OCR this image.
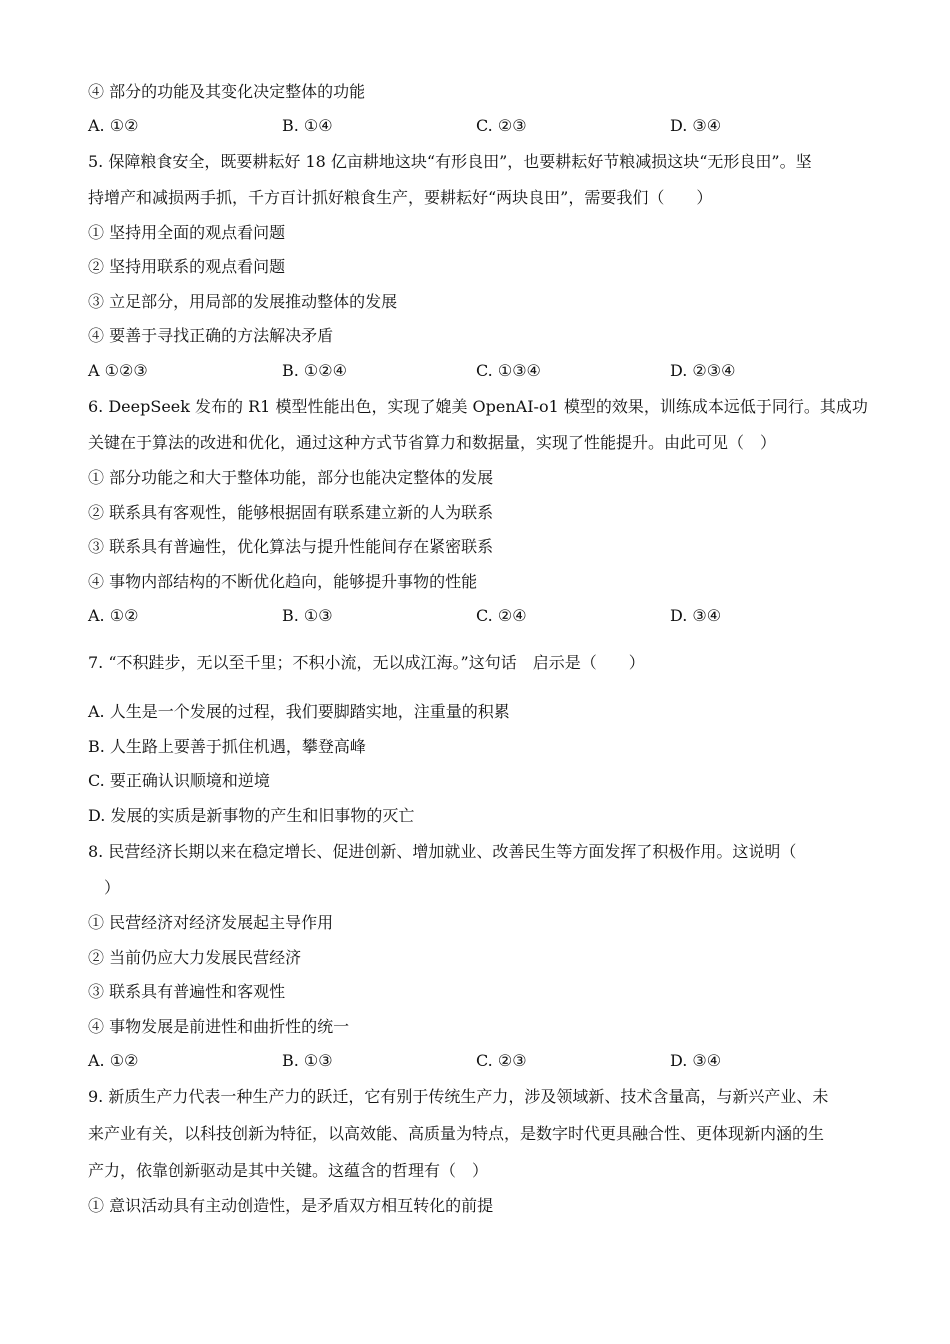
④ 部分的功能及其变化决定整体的功能
A. ①②	B. ①④	C. ②③	D. ③④
5. 保障粮食安全，既要耕耘好 18 亿亩耕地这块“有形良田”，也要耕耘好节粮减损这块“无形良田”。坚
持增产和减损两手抓，千方百计抓好粮食生产，要耕耘好“两块良田”，需要我们（　　）
① 坚持用全面的观点看问题
② 坚持用联系的观点看问题
③ 立足部分，用局部的发展推动整体的发展
④ 要善于寻找正确的方法解决矛盾
A ①②③	B. ①②④	C. ①③④	D. ②③④
6. DeepSeek 发布的 R1 模型性能出色，实现了媲美 OpenAI-o1 模型的效果，训练成本远低于同行。其成功
关键在于算法的改进和优化，通过这种方式节省算力和数据量，实现了性能提升。由此可见（　）
① 部分功能之和大于整体功能，部分也能决定整体的发展
② 联系具有客观性，能够根据固有联系建立新的人为联系
③ 联系具有普遍性，优化算法与提升性能间存在紧密联系
④ 事物内部结构的不断优化趋向，能够提升事物的性能
A. ①②	B. ①③	C. ②④	D. ③④
7. “不积跬步，无以至千里；不积小流，无以成江海。”这句话　启示是（　　）
A. 人生是一个发展的过程，我们要脚踏实地，注重量的积累
B. 人生路上要善于抓住机遇，攀登高峰
C. 要正确认识顺境和逆境
D. 发展的实质是新事物的产生和旧事物的灭亡
8. 民营经济长期以来在稳定增长、促进创新、增加就业、改善民生等方面发挥了积极作用。这说明（
　）
① 民营经济对经济发展起主导作用
② 当前仍应大力发展民营经济
③ 联系具有普遍性和客观性
④ 事物发展是前进性和曲折性的统一
A. ①②	B. ①③	C. ②③	D. ③④
9. 新质生产力代表一种生产力的跃迁，它有别于传统生产力，涉及领域新、技术含量高，与新兴产业、未
来产业有关，以科技创新为特征，以高效能、高质量为特点，是数字时代更具融合性、更体现新内涵的生
产力，依靠创新驱动是其中关键。这蕴含的哲理有（　）
① 意识活动具有主动创造性，是矛盾双方相互转化的前提
